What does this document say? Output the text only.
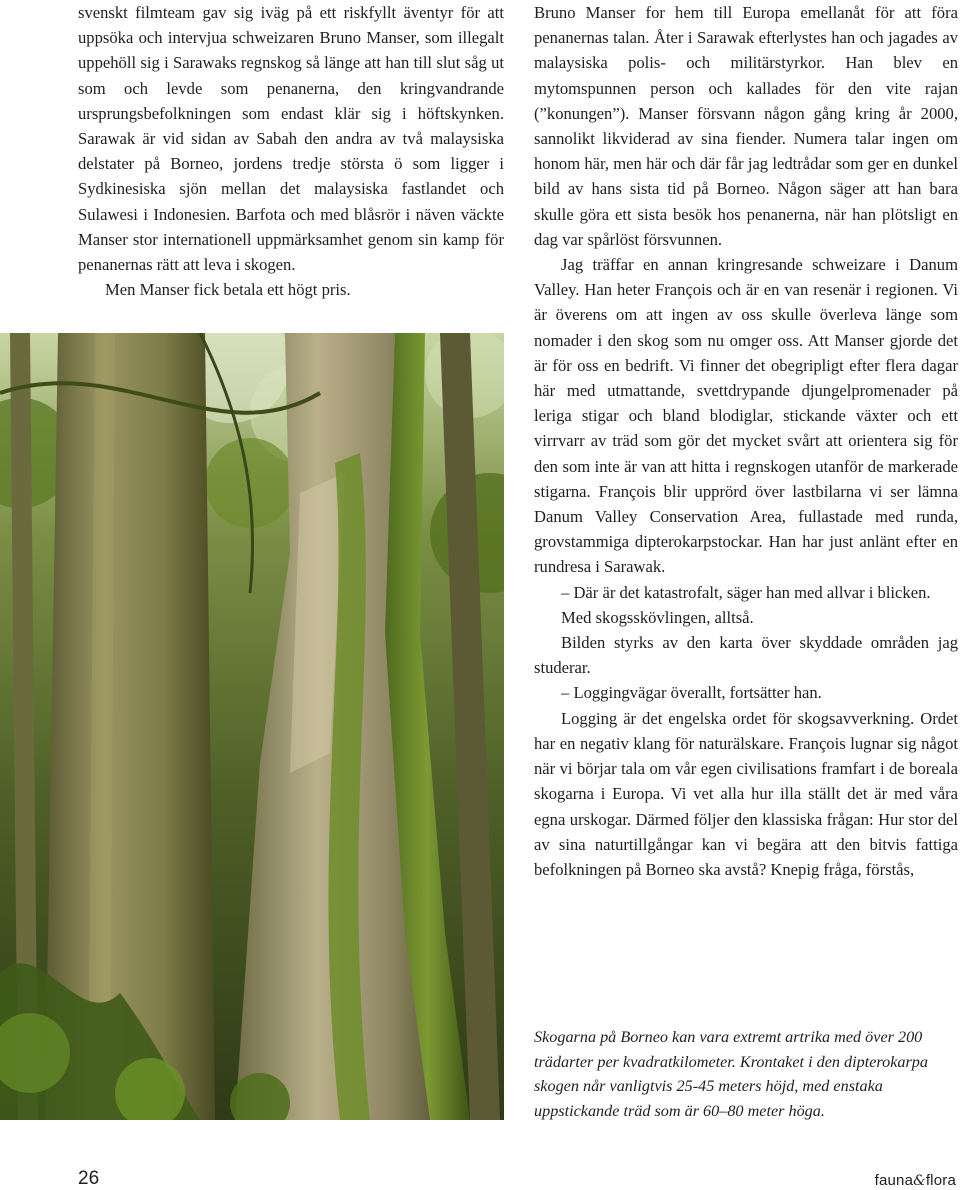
svenskt filmteam gav sig iväg på ett riskfyllt äventyr för att uppsöka och intervjua schweizaren Bruno Manser, som illegalt uppehöll sig i Sarawaks regnskog så länge att han till slut såg ut som och levde som penanerna, den kringvandrande ursprungsbefolkningen som endast klär sig i höftskynken. Sarawak är vid sidan av Sabah den andra av två malaysiska delstater på Borneo, jordens tredje största ö som ligger i Sydkinesiska sjön mellan det malaysiska fastlandet och Sulawesi i Indonesien. Barfota och med blåsrör i näven väckte Manser stor internationell uppmärksamhet genom sin kamp för penanernas rätt att leva i skogen.

Men Manser fick betala ett högt pris.

Bruno Manser for hem till Europa emellanåt för att föra penanernas talan. Åter i Sarawak efterlystes han och jagades av malaysiska polis- och militärstyrkor. Han blev en mytomspunnen person och kallades för den vite rajan (”konungen”). Manser försvann någon gång kring år 2000, sannolikt likviderad av sina fiender. Numera talar ingen om honom här, men här och där får jag ledtrådar som ger en dunkel bild av hans sista tid på Borneo. Någon säger att han bara skulle göra ett sista besök hos penanerna, när han plötsligt en dag var spårlöst försvunnen.

Jag träffar en annan kringresande schweizare i Danum Valley. Han heter François och är en van resenär i regionen. Vi är överens om att ingen av oss skulle överleva länge som nomader i den skog som nu omger oss. Att Manser gjorde det är för oss en bedrift. Vi finner det obegripligt efter flera dagar här med utmattande, svettdrypande djungelpromenader på leriga stigar och bland blodiglar, stickande växter och ett virrvarr av träd som gör det mycket svårt att orientera sig för den som inte är van att hitta i regnskogen utanför de markerade stigarna. François blir upprörd över lastbilarna vi ser lämna Danum Valley Conservation Area, fullastade med runda, grovstammiga dipterokarpstockar. Han har just anlänt efter en rundresa i Sarawak.

– Där är det katastrofalt, säger han med allvar i blicken.

Med skogsskövlingen, alltså.

Bilden styrks av den karta över skyddade områden jag studerar.

– Loggingvägar överallt, fortsätter han.

Logging är det engelska ordet för skogsavverkning. Ordet har en negativ klang för naturälskare. François lugnar sig något när vi börjar tala om vår egen civilisations framfart i de boreala skogarna i Europa. Vi vet alla hur illa ställt det är med våra egna urskogar. Därmed följer den klassiska frågan: Hur stor del av sina naturtillgångar kan vi begära att den bitvis fattiga befolkningen på Borneo ska avstå? Knepig fråga, förstås,

Skogarna på Borneo kan vara extremt artrika med över 200 trädarter per kvadratkilometer. Krontaket i den dipterokarpa skogen når vanligtvis 25-45 meters höjd, med enstaka uppstickande träd som är 60–80 meter höga.
26	fauna&flora
